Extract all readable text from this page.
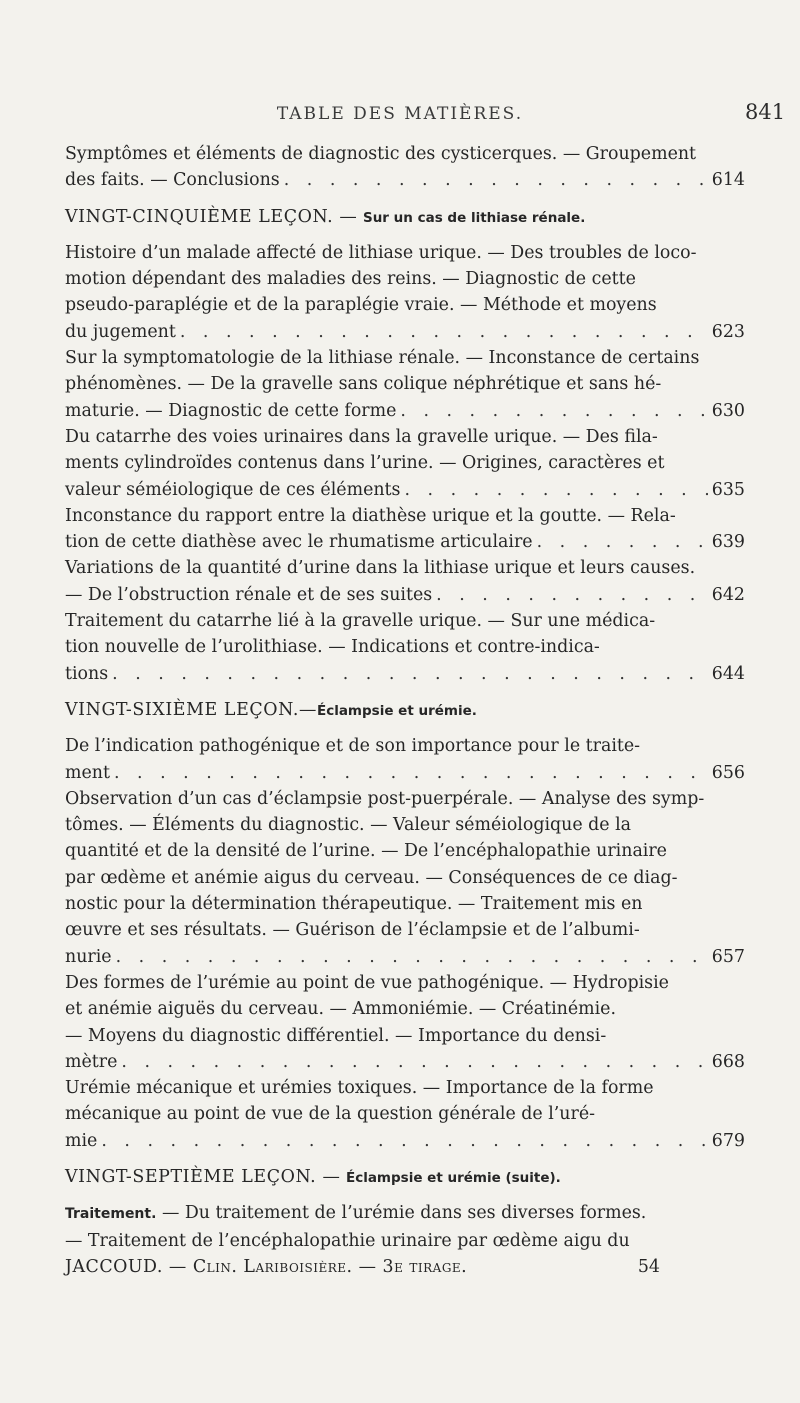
TABLE DES MATIÈRES.	841
Symptômes et éléments de diagnostic des cysticerques. — Groupement
des faits. — Conclusions . . .	614
VINGT-CINQUIÈME LEÇON. — Sur un cas de lithiase rénale.
Histoire d’un malade affecté de lithiase urique. — Des troubles de loco-
motion dépendant des maladies des reins. — Diagnostic de cette
pseudo-paraplégie et de la paraplégie vraie. — Méthode et moyens
du jugement . . .	623
Sur la symptomatologie de la lithiase rénale. — Inconstance de certains
phénomènes. — De la gravelle sans colique néphrétique et sans hé-
maturie. — Diagnostic de cette forme . . .	630
Du catarrhe des voies urinaires dans la gravelle urique. — Des fila-
ments cylindroïdes contenus dans l’urine. — Origines, caractères et
valeur séméiologique de ces éléments . . .	635
Inconstance du rapport entre la diathèse urique et la goutte. — Rela-
tion de cette diathèse avec le rhumatisme articulaire . . .	639
Variations de la quantité d’urine dans la lithiase urique et leurs causes.
— De l’obstruction rénale et de ses suites . . .	642
Traitement du catarrhe lié à la gravelle urique. — Sur une médica-
tion nouvelle de l’urolithiase. — Indications et contre-indica-
tions . . .	644
VINGT-SIXIÈME LEÇON.—Éclampsie et urémie.
De l’indication pathogénique et de son importance pour le traite-
ment . . .	656
Observation d’un cas d’éclampsie post-puerpérale. — Analyse des symp-
tômes. — Éléments du diagnostic. — Valeur séméiologique de la
quantité et de la densité de l’urine. — De l’encéphalopathie urinaire
par œdème et anémie aigus du cerveau. — Conséquences de ce diag-
nostic pour la détermination thérapeutique. — Traitement mis en
œuvre et ses résultats. — Guérison de l’éclampsie et de l’albumi-
nurie . . .	657
Des formes de l’urémie au point de vue pathogénique. — Hydropisie
et anémie aiguës du cerveau. — Ammoniémie. — Créatinémie.
— Moyens du diagnostic différentiel. — Importance du densi-
mètre . . .	668
Urémie mécanique et urémies toxiques. — Importance de la forme
mécanique au point de vue de la question générale de l’uré-
mie . . .	679
VINGT-SEPTIÈME LEÇON. — Éclampsie et urémie (suite).
Traitement. — Du traitement de l’urémie dans ses diverses formes.
— Traitement de l’encéphalopathie urinaire par œdème aigu du
JACCOUD. — Clin. Lariboisière. — 3e tirage.	54
